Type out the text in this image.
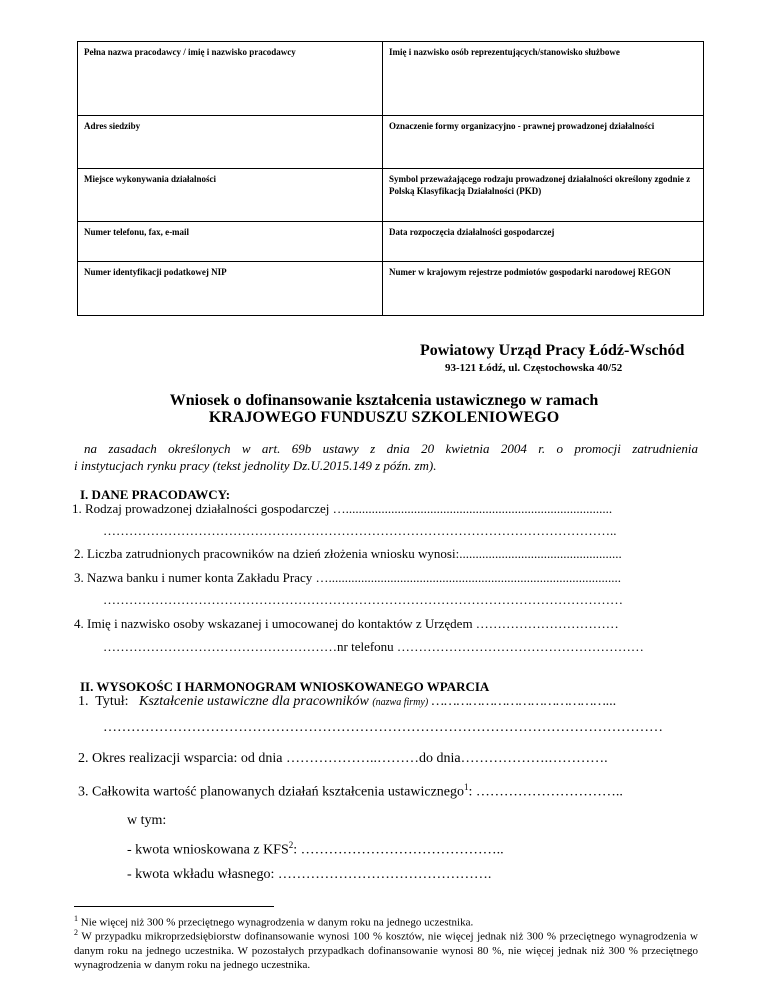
Pełna nazwa pracodawcy / imię i nazwisko pracodawcy	Imię i nazwisko osób reprezentujących/stanowisko służbowe
Adres siedziby	Oznaczenie formy organizacyjno - prawnej prowadzonej działalności
Miejsce wykonywania działalności	Symbol przeważającego rodzaju prowadzonej działalności określony zgodnie z Polską Klasyfikacją Działalności (PKD)
Numer telefonu, fax, e-mail	Data rozpoczęcia działalności gospodarczej
Numer identyfikacji podatkowej NIP	Numer w krajowym rejestrze podmiotów gospodarki narodowej REGON
Powiatowy Urząd Pracy Łódź-Wschód
93-121 Łódź, ul. Częstochowska 40/52
Wniosek o dofinansowanie kształcenia ustawicznego w ramach
KRAJOWEGO FUNDUSZU SZKOLENIOWEGO
na zasadach określonych w art. 69b ustawy z dnia 20 kwietnia 2004 r. o promocji zatrudnienia
i instytucjach rynku pracy (tekst jednolity Dz.U.2015.149 z późn. zm).
I. DANE PRACODAWCY:
1. Rodzaj prowadzonej działalności gospodarczej …..................................................................................
………………………………………………………………………………………………………..
2. Liczba zatrudnionych pracowników na dzień złożenia wniosku wynosi:..................................................
3. Nazwa banku i numer konta Zakładu Pracy …..........................................................................................
…………………………………………………………………………………………………………
4. Imię i nazwisko osoby wskazanej i umocowanej do kontaktów z Urzędem ……………………………
………………………………………………nr telefonu …………………………………………………
II. WYSOKOŚC I HARMONOGRAM WNIOSKOWANEGO WPARCIA
1. Tytuł: Kształcenie ustawiczne dla pracowników (nazwa firmy) ……………………………………...
…………………………………………………………………………………………………………
2. Okres realizacji wsparcia: od dnia ………………..………do dnia……………….………….
3. Całkowita wartość planowanych działań kształcenia ustawicznego$^1$: …………………………..
w tym:
- kwota wnioskowana z KFS$^2$: ……………………………………..
- kwota wkładu własnego: ……………………………………….
$^1$ Nie więcej niż 300 % przeciętnego wynagrodzenia w danym roku na jednego uczestnika.
$^2$ W przypadku mikroprzedsiębiorstw dofinansowanie wynosi 100 % kosztów, nie więcej jednak niż 300 % przeciętnego wynagrodzenia w danym roku na jednego uczestnika. W pozostałych przypadkach dofinansowanie wynosi 80 %, nie więcej jednak niż 300 % przeciętnego wynagrodzenia w danym roku na jednego uczestnika.
